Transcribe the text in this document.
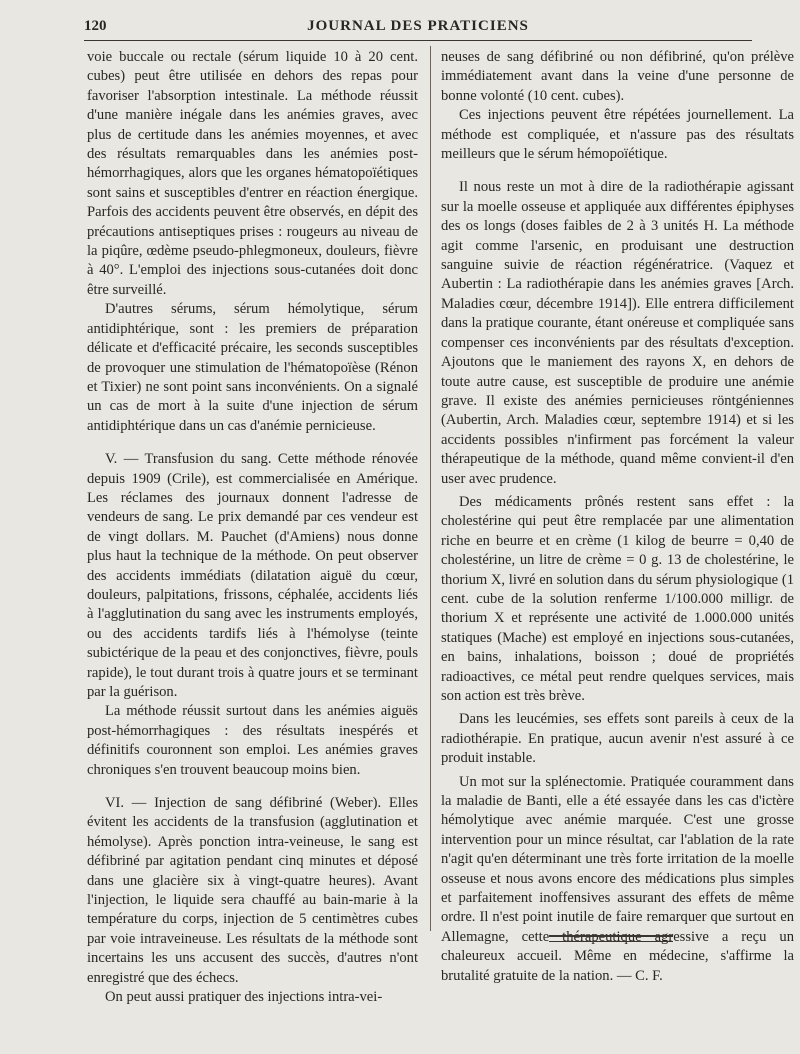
120	JOURNAL DES PRATICIENS

voie buccale ou rectale (sérum liquide 10 à 20 cent. cubes) peut être utilisée en dehors des repas pour favoriser l'absorption intestinale. La méthode réussit d'une manière inégale dans les anémies graves, avec plus de certitude dans les anémies moyennes, et avec des résultats remarquables dans les anémies post-hémorrhagiques, alors que les organes hématopoïétiques sont sains et susceptibles d'entrer en réaction énergique. Parfois des accidents peuvent être observés, en dépit des précautions antiseptiques prises : rougeurs au niveau de la piqûre, œdème pseudo-phlegmoneux, douleurs, fièvre à 40°. L'emploi des injections sous-cutanées doit donc être surveillé.

D'autres sérums, sérum hémolytique, sérum antidiphtérique, sont : les premiers de préparation délicate et d'efficacité précaire, les seconds susceptibles de provoquer une stimulation de l'hématopoïèse (Rénon et Tixier) ne sont point sans inconvénients. On a signalé un cas de mort à la suite d'une injection de sérum antidiphtérique dans un cas d'anémie pernicieuse.

V. — Transfusion du sang. Cette méthode rénovée depuis 1909 (Crile), est commercialisée en Amérique. Les réclames des journaux donnent l'adresse de vendeurs de sang. Le prix demandé par ces vendeur est de vingt dollars. M. Pauchet (d'Amiens) nous donne plus haut la technique de la méthode. On peut observer des accidents immédiats (dilatation aiguë du cœur, douleurs, palpitations, frissons, céphalée, accidents liés à l'agglutination du sang avec les instruments employés, ou des accidents tardifs liés à l'hémolyse (teinte subictérique de la peau et des conjonctives, fièvre, pouls rapide), le tout durant trois à quatre jours et se terminant par la guérison.

La méthode réussit surtout dans les anémies aiguës post-hémorrhagiques : des résultats inespérés et définitifs couronnent son emploi. Les anémies graves chroniques s'en trouvent beaucoup moins bien.

VI. — Injection de sang défibriné (Weber). Elles évitent les accidents de la transfusion (agglutination et hémolyse). Après ponction intra-veineuse, le sang est défibriné par agitation pendant cinq minutes et déposé dans une glacière six à vingt-quatre heures). Avant l'injection, le liquide sera chauffé au bain-marie à la température du corps, injection de 5 centimètres cubes par voie intraveineuse. Les résultats de la méthode sont incertains les uns accusent des succès, d'autres n'ont enregistré que des échecs.

On peut aussi pratiquer des injections intra-vei-

neuses de sang défibriné ou non défibriné, qu'on prélève immédiatement avant dans la veine d'une personne de bonne volonté (10 cent. cubes).

Ces injections peuvent être répétées journellement. La méthode est compliquée, et n'assure pas des résultats meilleurs que le sérum hémopoïétique.

Il nous reste un mot à dire de la radiothérapie agissant sur la moelle osseuse et appliquée aux différentes épiphyses des os longs (doses faibles de 2 à 3 unités H. La méthode agit comme l'arsenic, en produisant une destruction sanguine suivie de réaction régénératrice. (Vaquez et Aubertin : La radiothérapie dans les anémies graves [Arch. Maladies cœur, décembre 1914]). Elle entrera difficilement dans la pratique courante, étant onéreuse et compliquée sans compenser ces inconvénients par des résultats d'exception. Ajoutons que le maniement des rayons X, en dehors de toute autre cause, est susceptible de produire une anémie grave. Il existe des anémies pernicieuses röntgéniennes (Aubertin, Arch. Maladies cœur, septembre 1914) et si les accidents possibles n'infirment pas forcément la valeur thérapeutique de la méthode, quand même convient-il d'en user avec prudence.

Des médicaments prônés restent sans effet : la cholestérine qui peut être remplacée par une alimentation riche en beurre et en crème (1 kilog de beurre = 0,40 de cholestérine, un litre de crème = 0 g. 13 de cholestérine, le thorium X, livré en solution dans du sérum physiologique (1 cent. cube de la solution renferme 1/100.000 milligr. de thorium X et représente une activité de 1.000.000 unités statiques (Mache) est employé en injections sous-cutanées, en bains, inhalations, boisson ; doué de propriétés radioactives, ce métal peut rendre quelques services, mais son action est très brève.

Dans les leucémies, ses effets sont pareils à ceux de la radiothérapie. En pratique, aucun avenir n'est assuré à ce produit instable.

Un mot sur la splénectomie. Pratiquée couramment dans la maladie de Banti, elle a été essayée dans les cas d'ictère hémolytique avec anémie marquée. C'est une grosse intervention pour un mince résultat, car l'ablation de la rate n'agit qu'en déterminant une très forte irritation de la moelle osseuse et nous avons encore des médications plus simples et parfaitement inoffensives assurant des effets de même ordre. Il n'est point inutile de faire remarquer que surtout en Allemagne, cette thérapeutique agressive a reçu un chaleureux accueil. Même en médecine, s'affirme la brutalité gratuite de la nation. — C. F.
